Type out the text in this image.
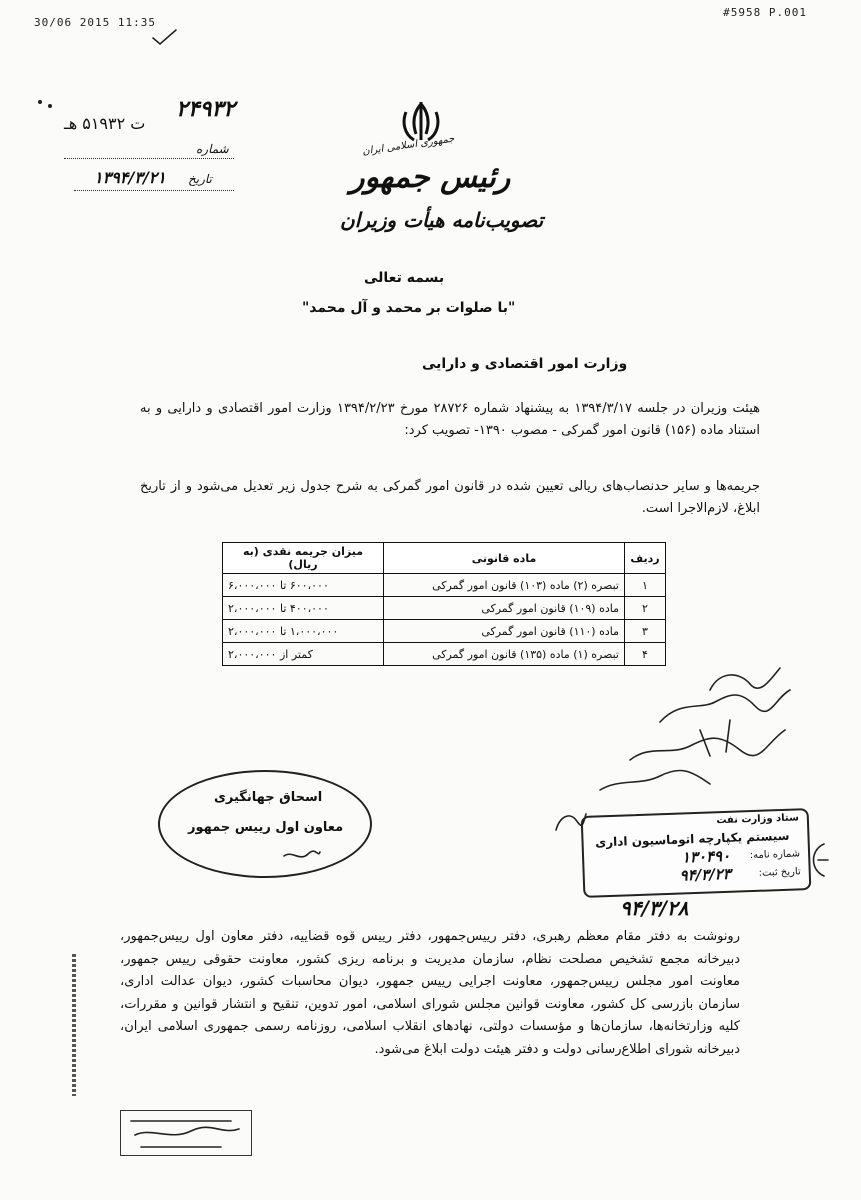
30/06 2015 11:35
#5958 P.001
۲۴۹۳۲
ت ۵۱۹۳۲ هـ
شماره
تاریخ
۱۳۹۴/۳/۲۱
جمهوری اسلامی ایران
رئیس جمهور
تصویب‌نامه هیأت وزیران
بسمه تعالی
"با صلوات بر محمد و آل محمد"
وزارت امور اقتصادی و دارایی
هیئت وزیران در جلسه ۱۳۹۴/۳/۱۷ به پیشنهاد شماره ۲۸۷۲۶ مورخ ۱۳۹۴/۲/۲۳ وزارت امور اقتصادی و دارایی و به استناد ماده (۱۵۶) قانون امور گمرکی - مصوب ۱۳۹۰- تصویب کرد:
جریمه‌ها و سایر حدنصاب‌های ریالی تعیین شده در قانون امور گمرکی به شرح جدول زیر تعدیل می‌شود و از تاریخ ابلاغ، لازم‌الاجرا است.
ردیف	ماده قانونی	میزان جریمه نقدی (به ریال)
۱	تبصره (۲) ماده (۱۰۳) قانون امور گمرکی	۶۰۰،۰۰۰ تا ۶،۰۰۰،۰۰۰
۲	ماده (۱۰۹) قانون امور گمرکی	۴۰۰،۰۰۰ تا ۲،۰۰۰،۰۰۰
۳	ماده (۱۱۰) قانون امور گمرکی	۱،۰۰۰،۰۰۰ تا ۲،۰۰۰،۰۰۰
۴	تبصره (۱) ماده (۱۳۵) قانون امور گمرکی	کمتر از ۲،۰۰۰،۰۰۰
اسحاق جهانگیری
معاون اول رییس جمهور
ستاد وزارت نفت
سیستم یکپارچه اتوماسیون اداری
شماره نامه:
۱۳۰۴۹۰
تاریخ ثبت:
۹۴/۳/۲۳
۹۴/۳/۲۸
رونوشت به دفتر مقام معظم رهبری، دفتر رییس‌جمهور، دفتر رییس قوه قضاییه، دفتر معاون اول رییس‌جمهور، دبیرخانه مجمع تشخیص مصلحت نظام، سازمان مدیریت و برنامه ریزی کشور، معاونت حقوقی رییس جمهور، معاونت امور مجلس رییس‌جمهور، معاونت اجرایی رییس جمهور، دیوان محاسبات کشور، دیوان عدالت اداری، سازمان بازرسی کل کشور، معاونت قوانین مجلس شورای اسلامی، امور تدوین، تنقیح و انتشار قوانین و مقررات، کلیه وزارتخانه‌ها، سازمان‌ها و مؤسسات دولتی، نهادهای انقلاب اسلامی، روزنامه رسمی جمهوری اسلامی ایران، دبیرخانه شورای اطلاع‌رسانی دولت و دفتر هیئت دولت ابلاغ می‌شود.
